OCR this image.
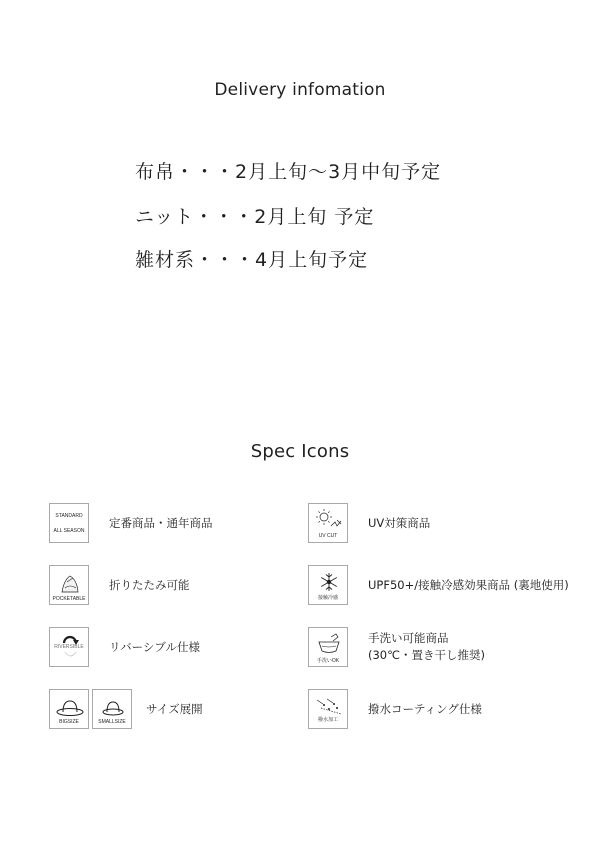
Delivery infomation
布帛・・・2月上旬～3月中旬予定
ニット・・・2月上旬 予定
雑材系・・・4月上旬予定
Spec Icons
STANDARD
ALL SEASON
定番商品・通年商品
UV CUT
UV対策商品
POCKETABLE
折りたたみ可能
接触冷感
UPF50+/接触冷感効果商品 (裏地使用)
RIVERSIBLE	リバーシブル仕様
手洗いOK
手洗い可能商品
(30℃・置き干し推奨)
BIGSIZE	SMALLSIZE
サイズ展開
撥水加工
撥水コーティング仕様
